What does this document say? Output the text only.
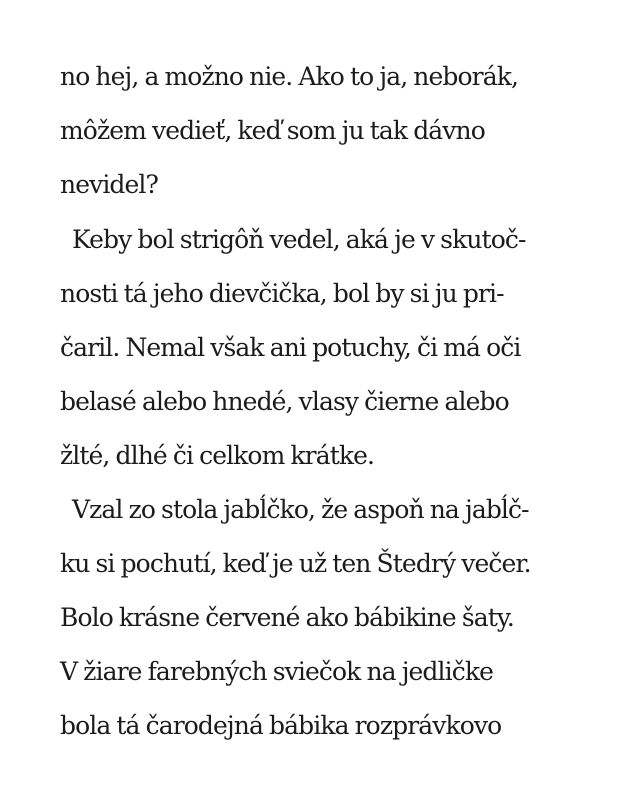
no hej, a možno nie. Ako to ja, neborák,
môžem vedieť, keď som ju tak dávno
nevidel?
Keby bol strigôň vedel, aká je v skutoč-
nosti tá jeho dievčička, bol by si ju pri-
čaril. Nemal však ani potuchy, či má oči
belasé alebo hnedé, vlasy čierne alebo
žlté, dlhé či celkom krátke.
Vzal zo stola jabĺčko, že aspoň na jabĺč-
ku si pochutí, keď je už ten Štedrý večer.
Bolo krásne červené ako bábikine šaty.
V žiare farebných sviečok na jedličke
bola tá čarodejná bábika rozprávkovo
